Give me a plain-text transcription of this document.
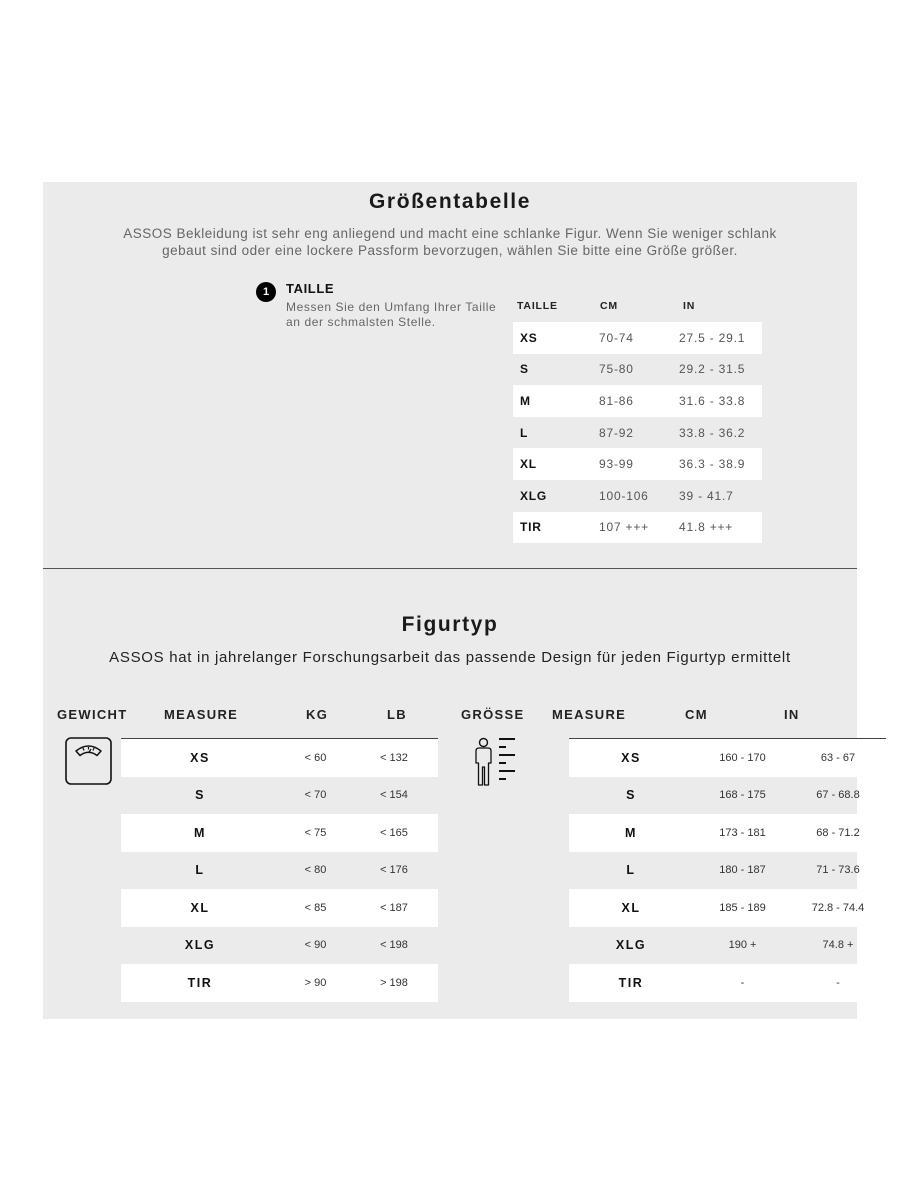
Größentabelle
ASSOS Bekleidung ist sehr eng anliegend und macht eine schlanke Figur. Wenn Sie weniger schlank
gebaut sind oder eine lockere Passform bevorzugen, wählen Sie bitte eine Größe größer.
1	TAILLE
Messen Sie den Umfang Ihrer Taille
an der schmalsten Stelle.
TAILLE	CM	IN
XS	70-74	27.5 - 29.1
S	75-80	29.2 - 31.5
M	81-86	31.6 - 33.8
L	87-92	33.8 - 36.2
XL	93-99	36.3 - 38.9
XLG	100-106	39 - 41.7
TIR	107 +++	41.8 +++
Figurtyp
ASSOS hat in jahrelanger Forschungsarbeit das passende Design für jeden Figurtyp ermittelt
GEWICHT	MEASURE	KG	LB
XS	< 60	< 132
S	< 70	< 154
M	< 75	< 165
L	< 80	< 176
XL	< 85	< 187
XLG	< 90	< 198
TIR	> 90	> 198
GRÖSSE MEASURE	CM	IN
XS	160 - 170	63 - 67
S	168 - 175	67 - 68.8
M	173 - 181	68 - 71.2
L	180 - 187	71 - 73.6
XL	185 - 189	72.8 - 74.4
XLG	190 +	74.8 +
TIR	-	-
